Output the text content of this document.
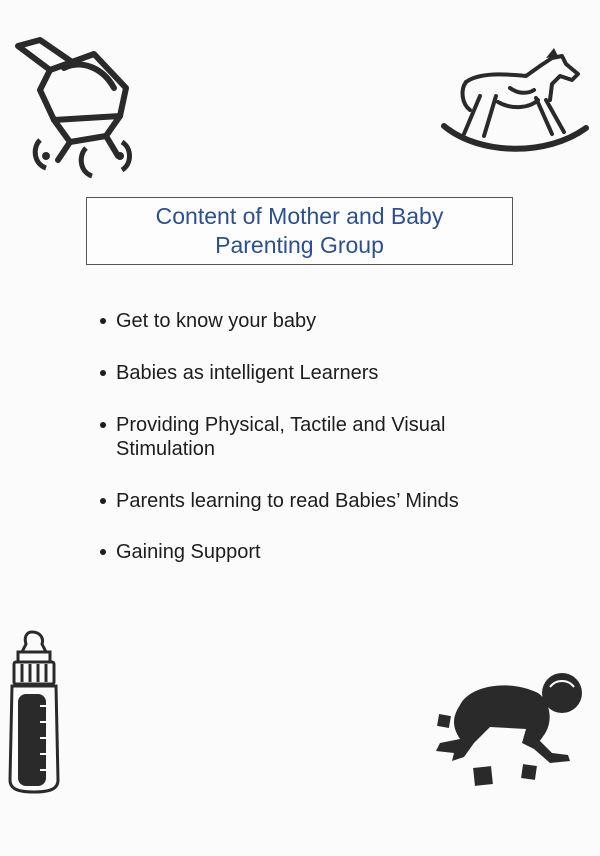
Content of Mother and Baby
Parenting Group
Get to know your baby
Babies as intelligent Learners
Providing Physical, Tactile and Visual
Stimulation
Parents learning to read Babies’ Minds
Gaining Support
